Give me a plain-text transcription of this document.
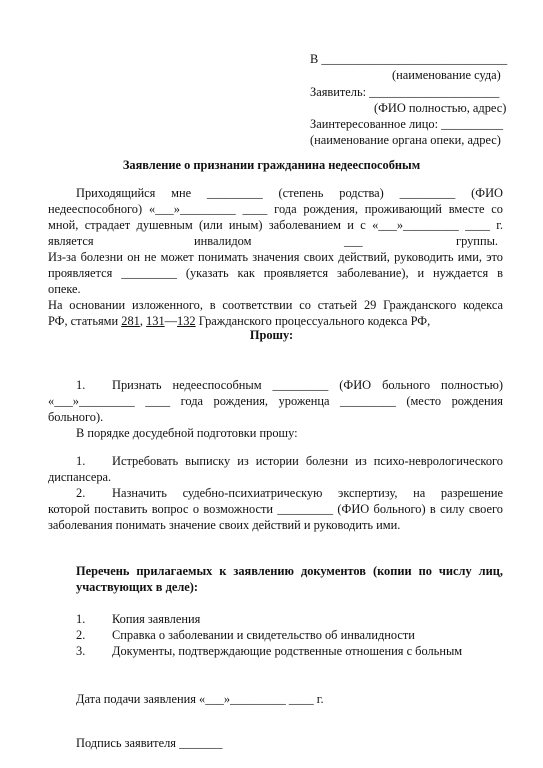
В ______________________________
(наименование суда)
Заявитель: _____________________
(ФИО полностью, адрес)
Заинтересованное лицо: __________
(наименование органа опеки, адрес)
Заявление о признании гражданина недееспособным
Приходящийся мне _________ (степень родства) _________ (ФИО
недееспособного) «___»_________ ____ года рождения, проживающий вместе со
мной, страдает душевным (или иным) заболеванием и с «___»_________ ____ г.
является	инвалидом	___	группы.
Из-за болезни он не может понимать значения своих действий, руководить ими, это
проявляется _________ (указать как проявляется заболевание), и нуждается в
опеке.
На основании изложенного, в соответствии со статьей 29 Гражданского кодекса
РФ, статьями 281, 131—132 Гражданского процессуального кодекса РФ,
Прошу:
1. Признать недееспособным _________ (ФИО больного полностью)
«___»_________ ____ года рождения, уроженца _________ (место рождения
больного).
В порядке досудебной подготовки прошу:
1. Истребовать выписку из истории болезни из психо-неврологического
диспансера.
2. Назначить судебно-психиатрическую экспертизу, на разрешение
которой поставить вопрос о возможности _________ (ФИО больного) в силу своего
заболевания понимать значение своих действий и руководить ими.
Перечень прилагаемых к заявлению документов (копии по числу лиц,
участвующих в деле):
1. Копия заявления
2. Справка о заболевании и свидетельство об инвалидности
3. Документы, подтверждающие родственные отношения с больным
Дата подачи заявления «___»_________ ____ г.
Подпись заявителя _______
